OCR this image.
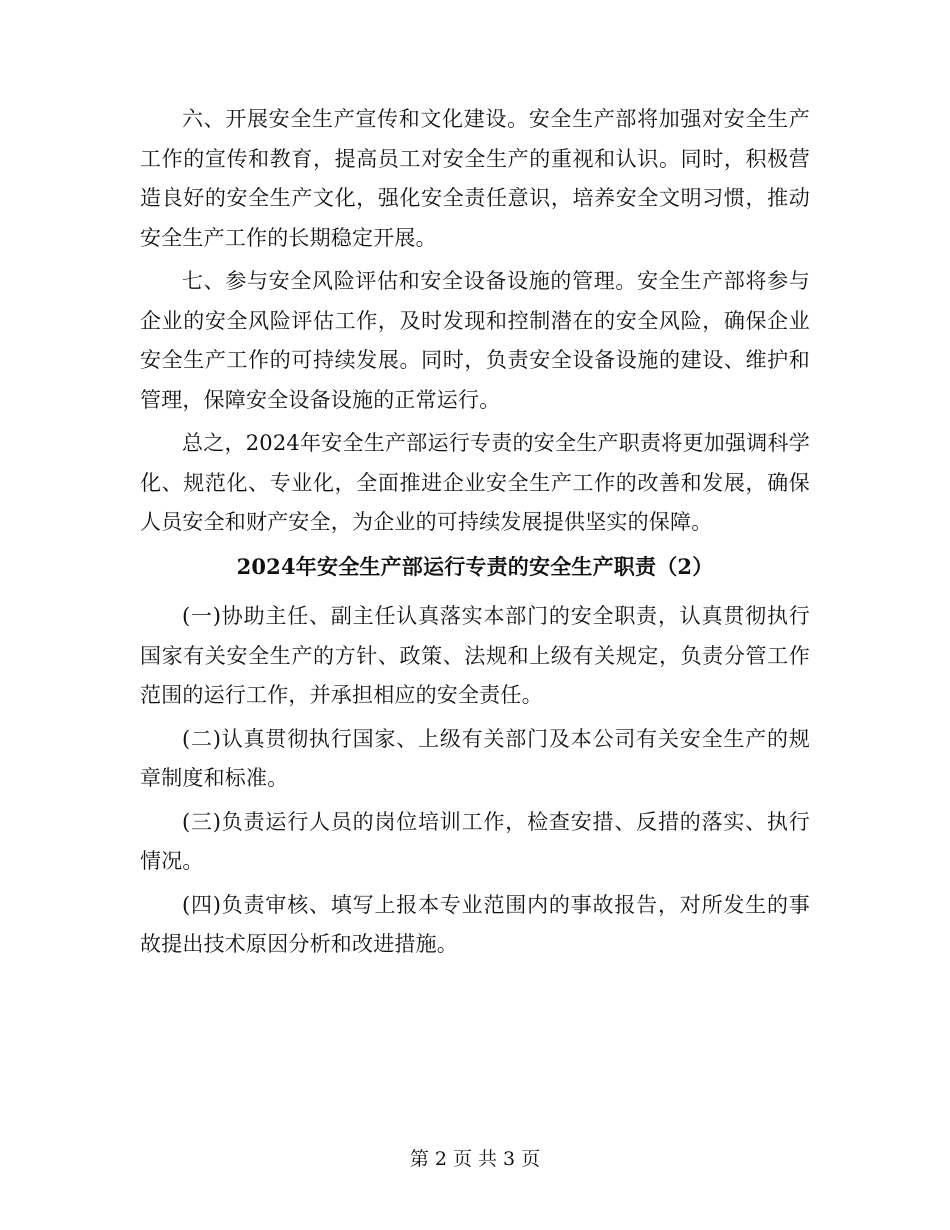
六、开展安全生产宣传和文化建设。安全生产部将加强对安全生产工作的宣传和教育，提高员工对安全生产的重视和认识。同时，积极营造良好的安全生产文化，强化安全责任意识，培养安全文明习惯，推动安全生产工作的长期稳定开展。

七、参与安全风险评估和安全设备设施的管理。安全生产部将参与企业的安全风险评估工作，及时发现和控制潜在的安全风险，确保企业安全生产工作的可持续发展。同时，负责安全设备设施的建设、维护和管理，保障安全设备设施的正常运行。

总之，2024年安全生产部运行专责的安全生产职责将更加强调科学化、规范化、专业化，全面推进企业安全生产工作的改善和发展，确保人员安全和财产安全，为企业的可持续发展提供坚实的保障。

2024年安全生产部运行专责的安全生产职责（2）

(一)协助主任、副主任认真落实本部门的安全职责，认真贯彻执行国家有关安全生产的方针、政策、法规和上级有关规定，负责分管工作范围的运行工作，并承担相应的安全责任。

(二)认真贯彻执行国家、上级有关部门及本公司有关安全生产的规章制度和标准。

(三)负责运行人员的岗位培训工作，检查安措、反措的落实、执行情况。

(四)负责审核、填写上报本专业范围内的事故报告，对所发生的事故提出技术原因分析和改进措施。

第 2 页 共 3 页
